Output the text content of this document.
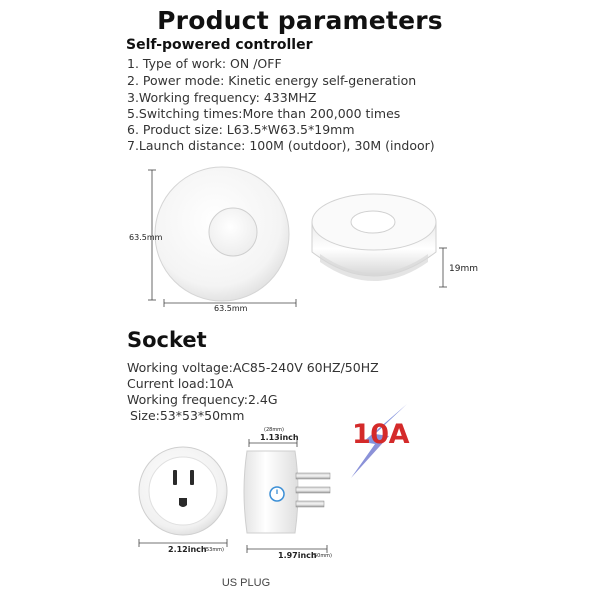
Product parameters
Self-powered controller
1. Type of work: ON /OFF
2. Power mode: Kinetic energy self-generation
3.Working frequency: 433MHZ
5.Switching times:More than 200,000 times
6. Product size: L63.5*W63.5*19mm
7.Launch distance: 100M (outdoor), 30M (indoor)
63.5mm
63.5mm
19mm
Socket
Working voltage:AC85-240V 60HZ/50HZ
Current load:10A
Working frequency:2.4G
Size:53*53*50mm
10A
(28mm)
1.13inch
2.12inch
(53mm)
1.97inch
(50mm)
US PLUG
